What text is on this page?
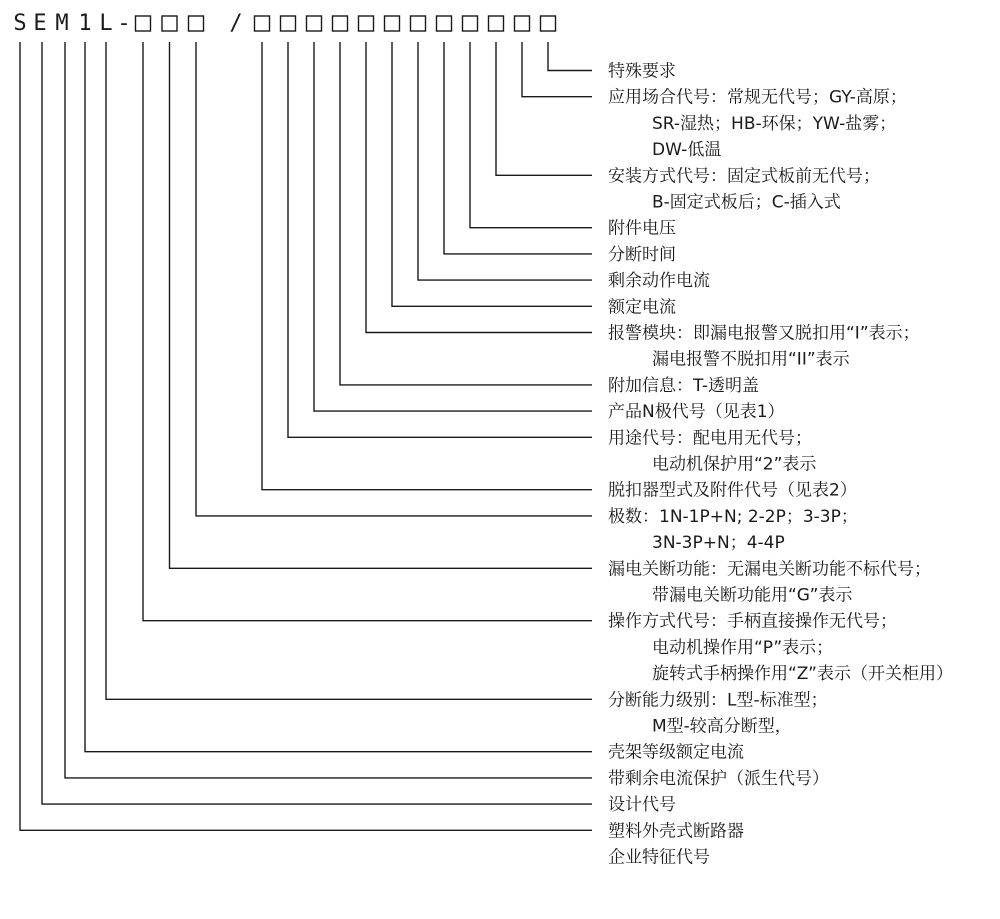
S E M 1 L -	/
特殊要求
应用场合代号：常规无代号；GY-高原；
SR-湿热；HB-环保；YW-盐雾；
DW-低温
安装方式代号：固定式板前无代号；
B-固定式板后；C-插入式
附件电压
分断时间
剩余动作电流
额定电流
报警模块：即漏电报警又脱扣用“I”表示；
漏电报警不脱扣用“II”表示
附加信息：T-透明盖
产品N极代号（见表1）
用途代号：配电用无代号；
电动机保护用“2”表示
脱扣器型式及附件代号（见表2）
极数：1N-1P+N; 2-2P；3-3P；
3N-3P+N；4-4P
漏电关断功能：无漏电关断功能不标代号；
带漏电关断功能用“G”表示
操作方式代号：手柄直接操作无代号；
电动机操作用“P”表示；
旋转式手柄操作用“Z”表示（开关柜用）
分断能力级别：L型-标准型；
M型-较高分断型，
壳架等级额定电流
带剩余电流保护（派生代号）
设计代号
塑料外壳式断路器
企业特征代号
